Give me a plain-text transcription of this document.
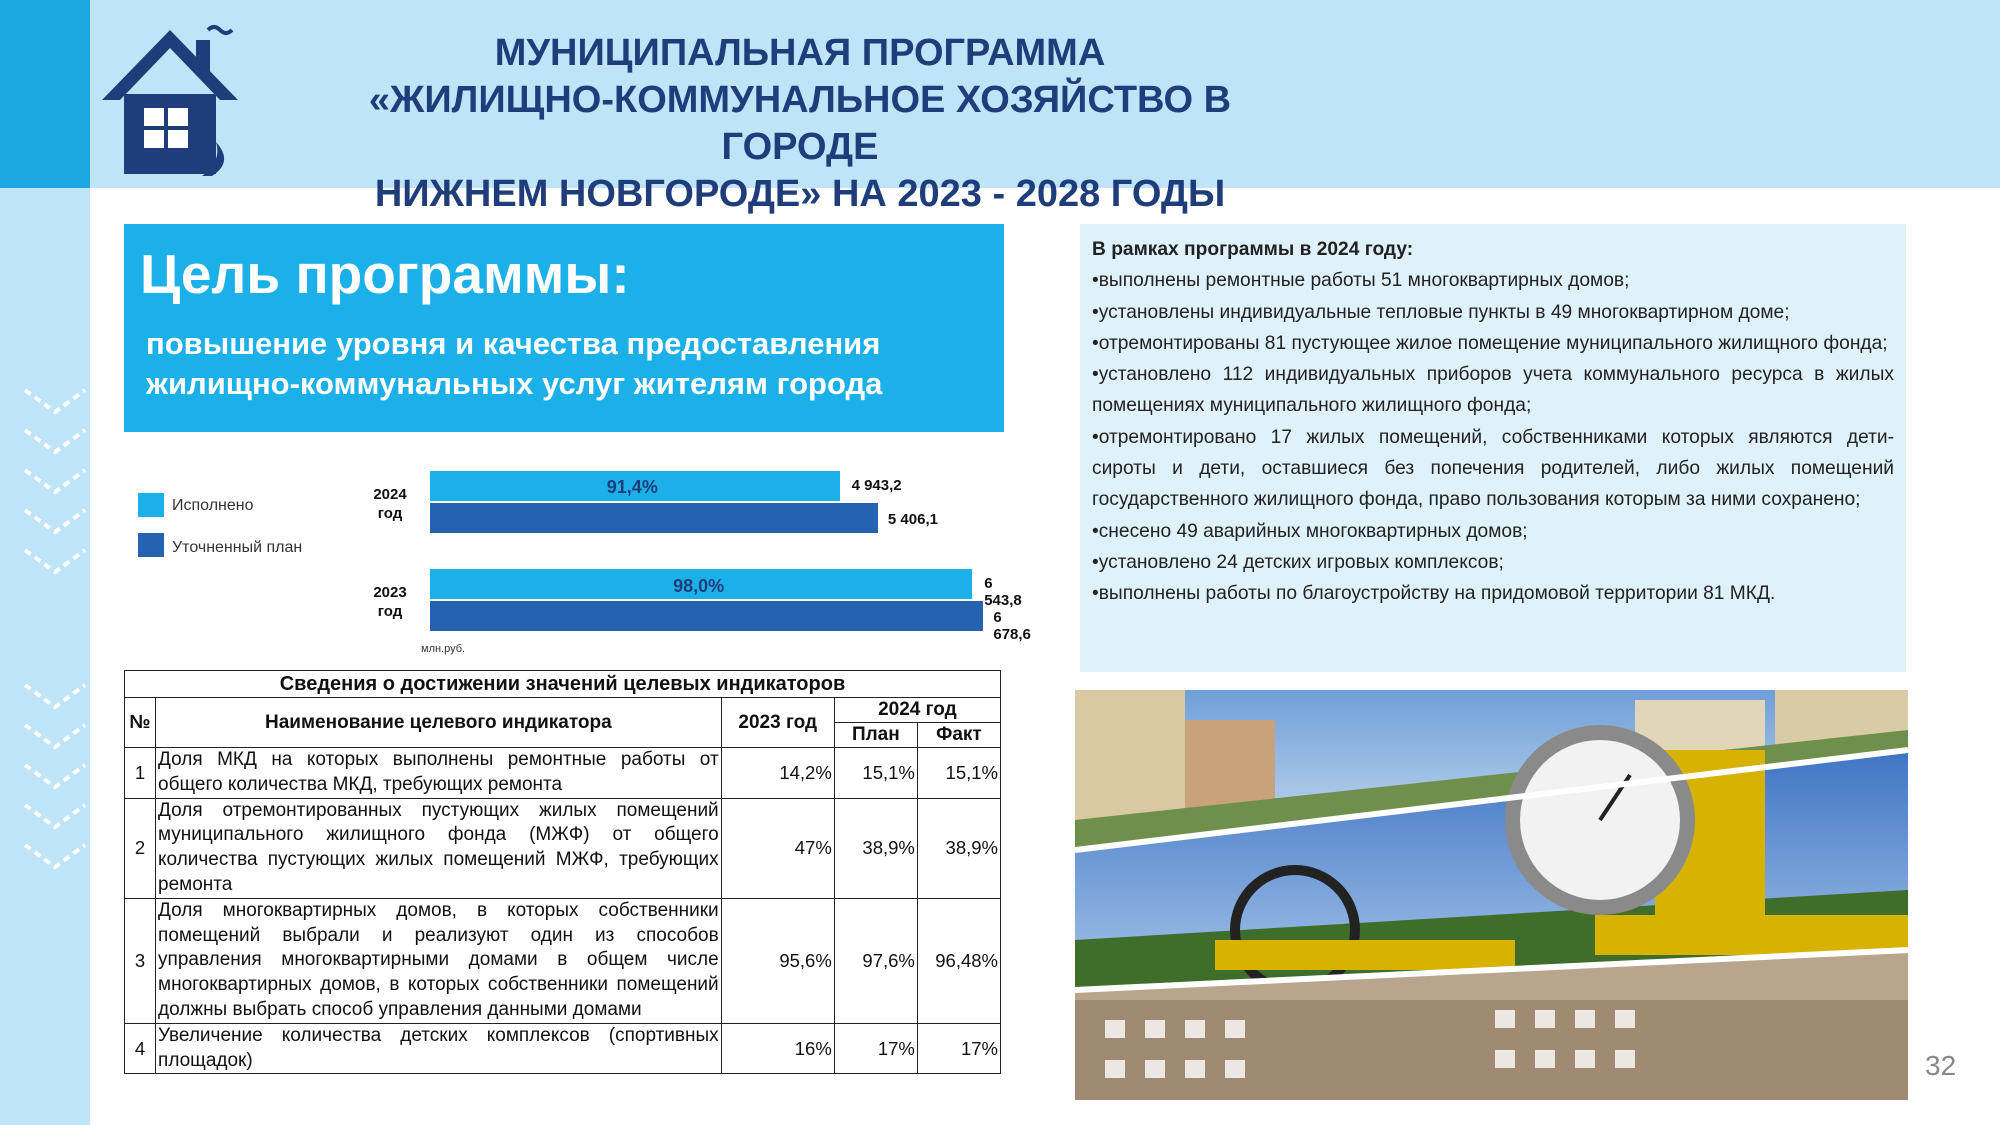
МУНИЦИПАЛЬНАЯ ПРОГРАММА
«ЖИЛИЩНО-КОММУНАЛЬНОЕ ХОЗЯЙСТВО В ГОРОДЕ
НИЖНЕМ НОВГОРОДЕ» НА 2023 - 2028 ГОДЫ
Цель программы:
повышение уровня и качества предоставления жилищно-коммунальных услуг жителям города
Исполнено
Уточненный план
2024 год
2023 год
91,4%
98,0%
4 943,2
5 406,1
6 543,8
6 678,6
млн.руб.
Сведения о достижении значений целевых индикаторов				
№	Наименование целевого индикатора	2023 год	2024 год	
			План	Факт
1	Доля МКД на которых выполнены ремонтные работы от общего количества МКД, требующих ремонта	14,2%	15,1%	15,1%
2	Доля отремонтированных пустующих жилых помещений муниципального жилищного фонда (МЖФ) от общего количества пустующих жилых помещений МЖФ, требующих ремонта	47%	38,9%	38,9%
3	Доля многоквартирных домов, в которых собственники помещений выбрали и реализуют один из способов управления многоквартирными домами в общем числе многоквартирных домов, в которых собственники помещений должны выбрать способ управления данными домами	95,6%	97,6%	96,48%
4	Увеличение количества детских комплексов (спортивных площадок)	16%	17%	17%
В рамках программы в 2024 году:
•выполнены ремонтные работы 51 многоквартирных домов;
•установлены индивидуальные тепловые пункты в 49 многоквартирном доме;
•отремонтированы 81 пустующее жилое помещение муниципального жилищного фонда;
•установлено 112 индивидуальных приборов учета коммунального ресурса в жилых помещениях муниципального жилищного фонда;
•отремонтировано 17 жилых помещений, собственниками которых являются дети-сироты и дети, оставшиеся без попечения родителей, либо жилых помещений государственного жилищного фонда, право пользования которым за ними сохранено;
•снесено 49 аварийных многоквартирных домов;
•установлено 24 детских игровых комплексов;
•выполнены работы по благоустройству на придомовой территории 81 МКД.
32
